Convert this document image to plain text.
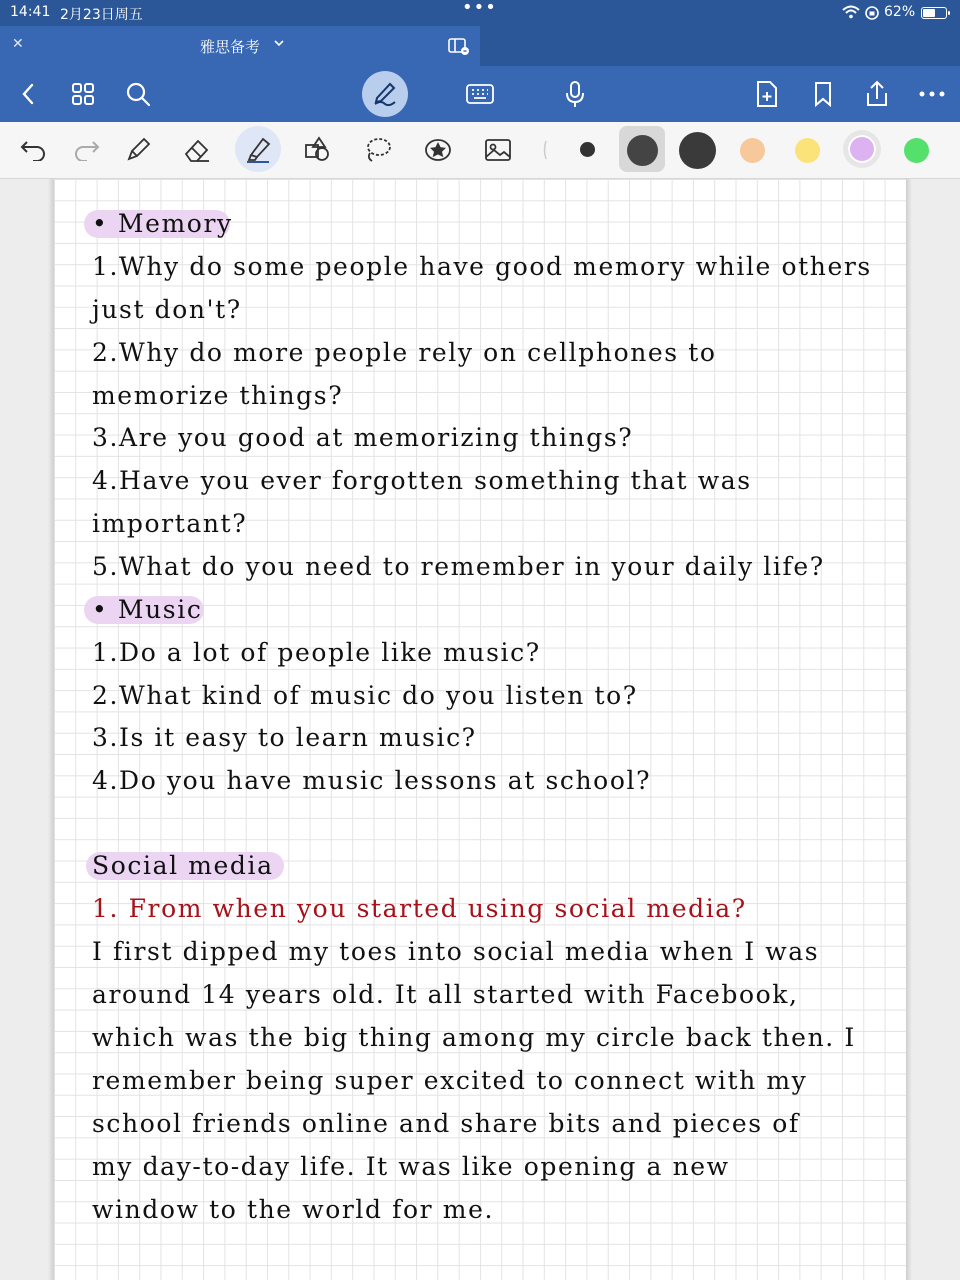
14:41 2月23日周五	•••	62%
✕	雅思备考
• Memory
1.Why do some people have good memory while others
just don't?
2.Why do more people rely on cellphones to
memorize things?
3.Are you good at memorizing things?
4.Have you ever forgotten something that was
important?
5.What do you need to remember in your daily life?
• Music
1.Do a lot of people like music?
2.What kind of music do you listen to?
3.Is it easy to learn music?
4.Do you have music lessons at school?
Social media
1. From when you started using social media?
I first dipped my toes into social media when I was
around 14 years old. It all started with Facebook,
which was the big thing among my circle back then. I
remember being super excited to connect with my
school friends online and share bits and pieces of
my day-to-day life. It was like opening a new
window to the world for me.
